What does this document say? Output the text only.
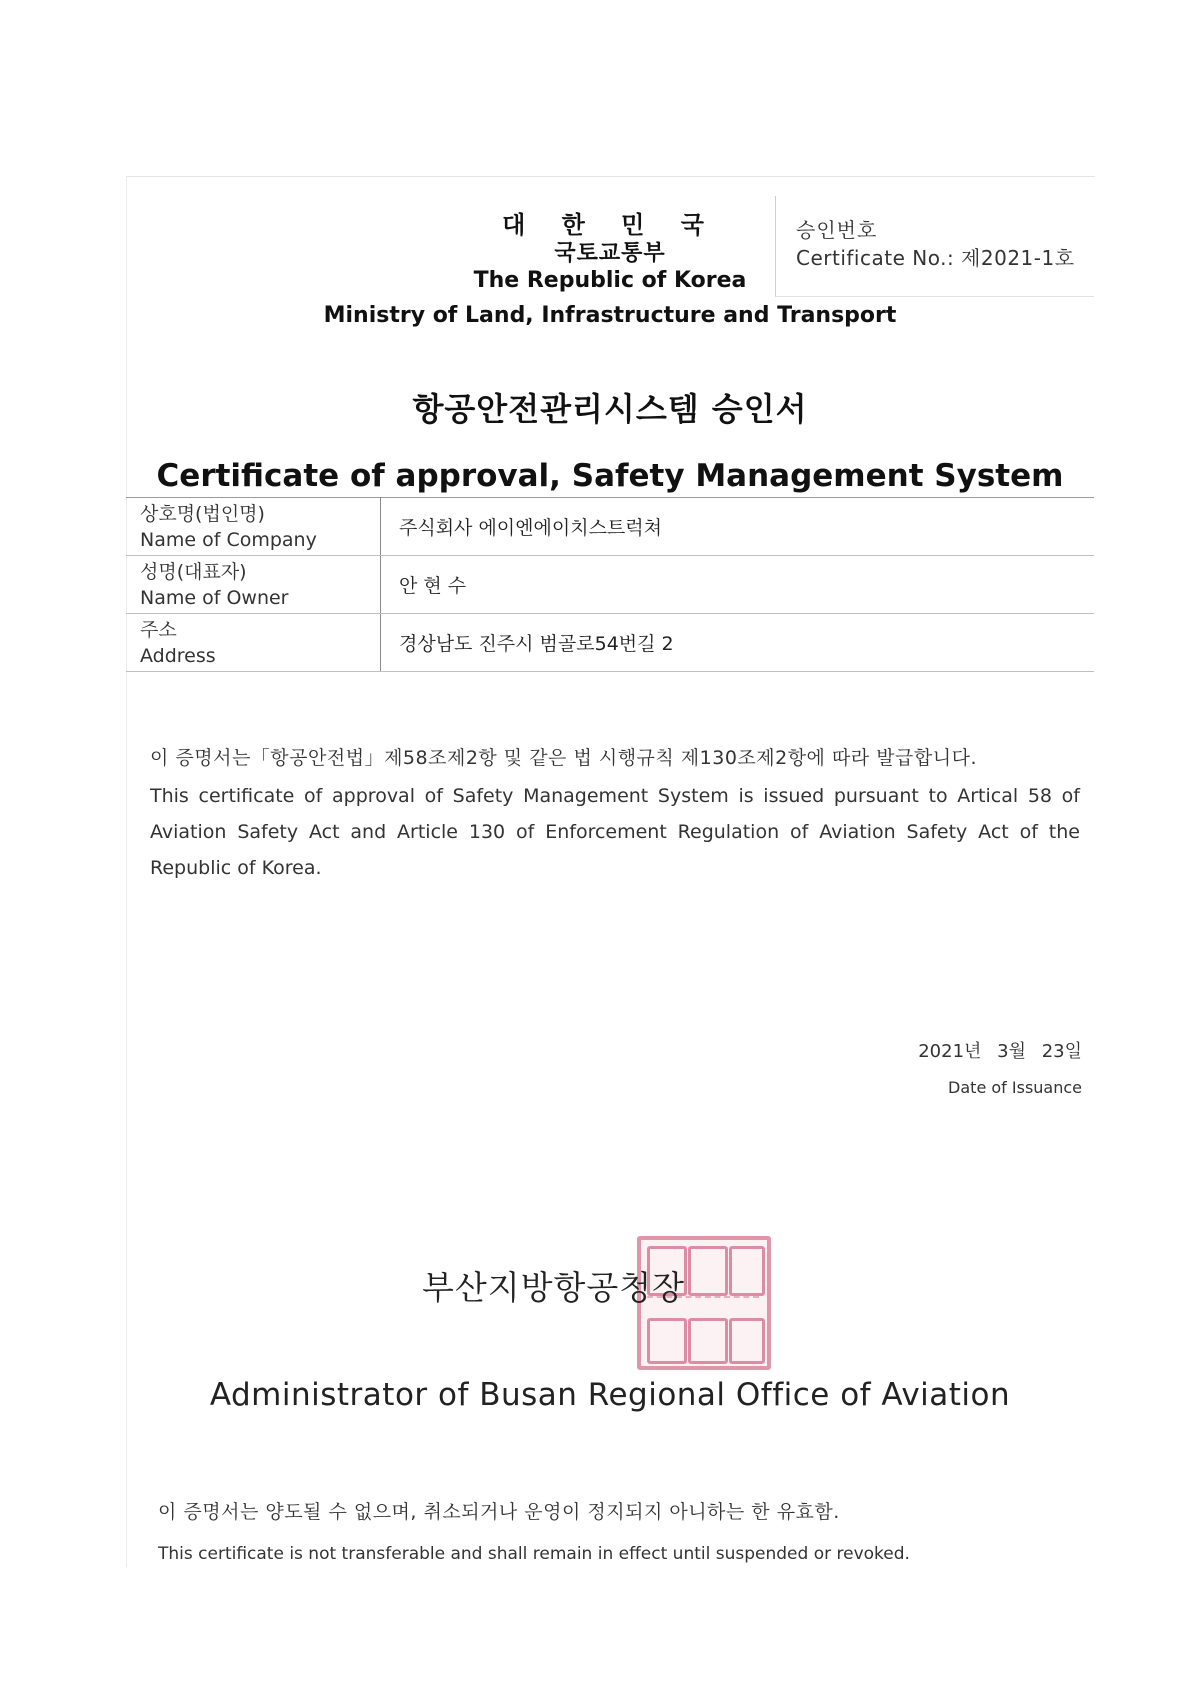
승인번호
Certificate No.: 제2021-1호
대 한 민 국
국토교통부
The Republic of Korea
Ministry of Land, Infrastructure and Transport
항공안전관리시스템 승인서
Certificate of approval, Safety Management System
상호명(법인명)
Name of Company	주식회사 에이엔에이치스트럭쳐

성명(대표자)
Name of Owner	안 현 수

주소
Address	경상남도 진주시 범골로54번길 2
이 증명서는「항공안전법」제58조제2항 및 같은 법 시행규칙 제130조제2항에 따라 발급합니다.
This certificate of approval of Safety Management System is issued pursuant to Artical 58 of Aviation Safety Act and Article 130 of Enforcement Regulation of Aviation Safety Act of the Republic of Korea.
2021년 3월 23일
Date of Issuance
부산지방항공청장
Administrator of Busan Regional Office of Aviation
이 증명서는 양도될 수 없으며, 취소되거나 운영이 정지되지 아니하는 한 유효함.
This certificate is not transferable and shall remain in effect until suspended or revoked.
